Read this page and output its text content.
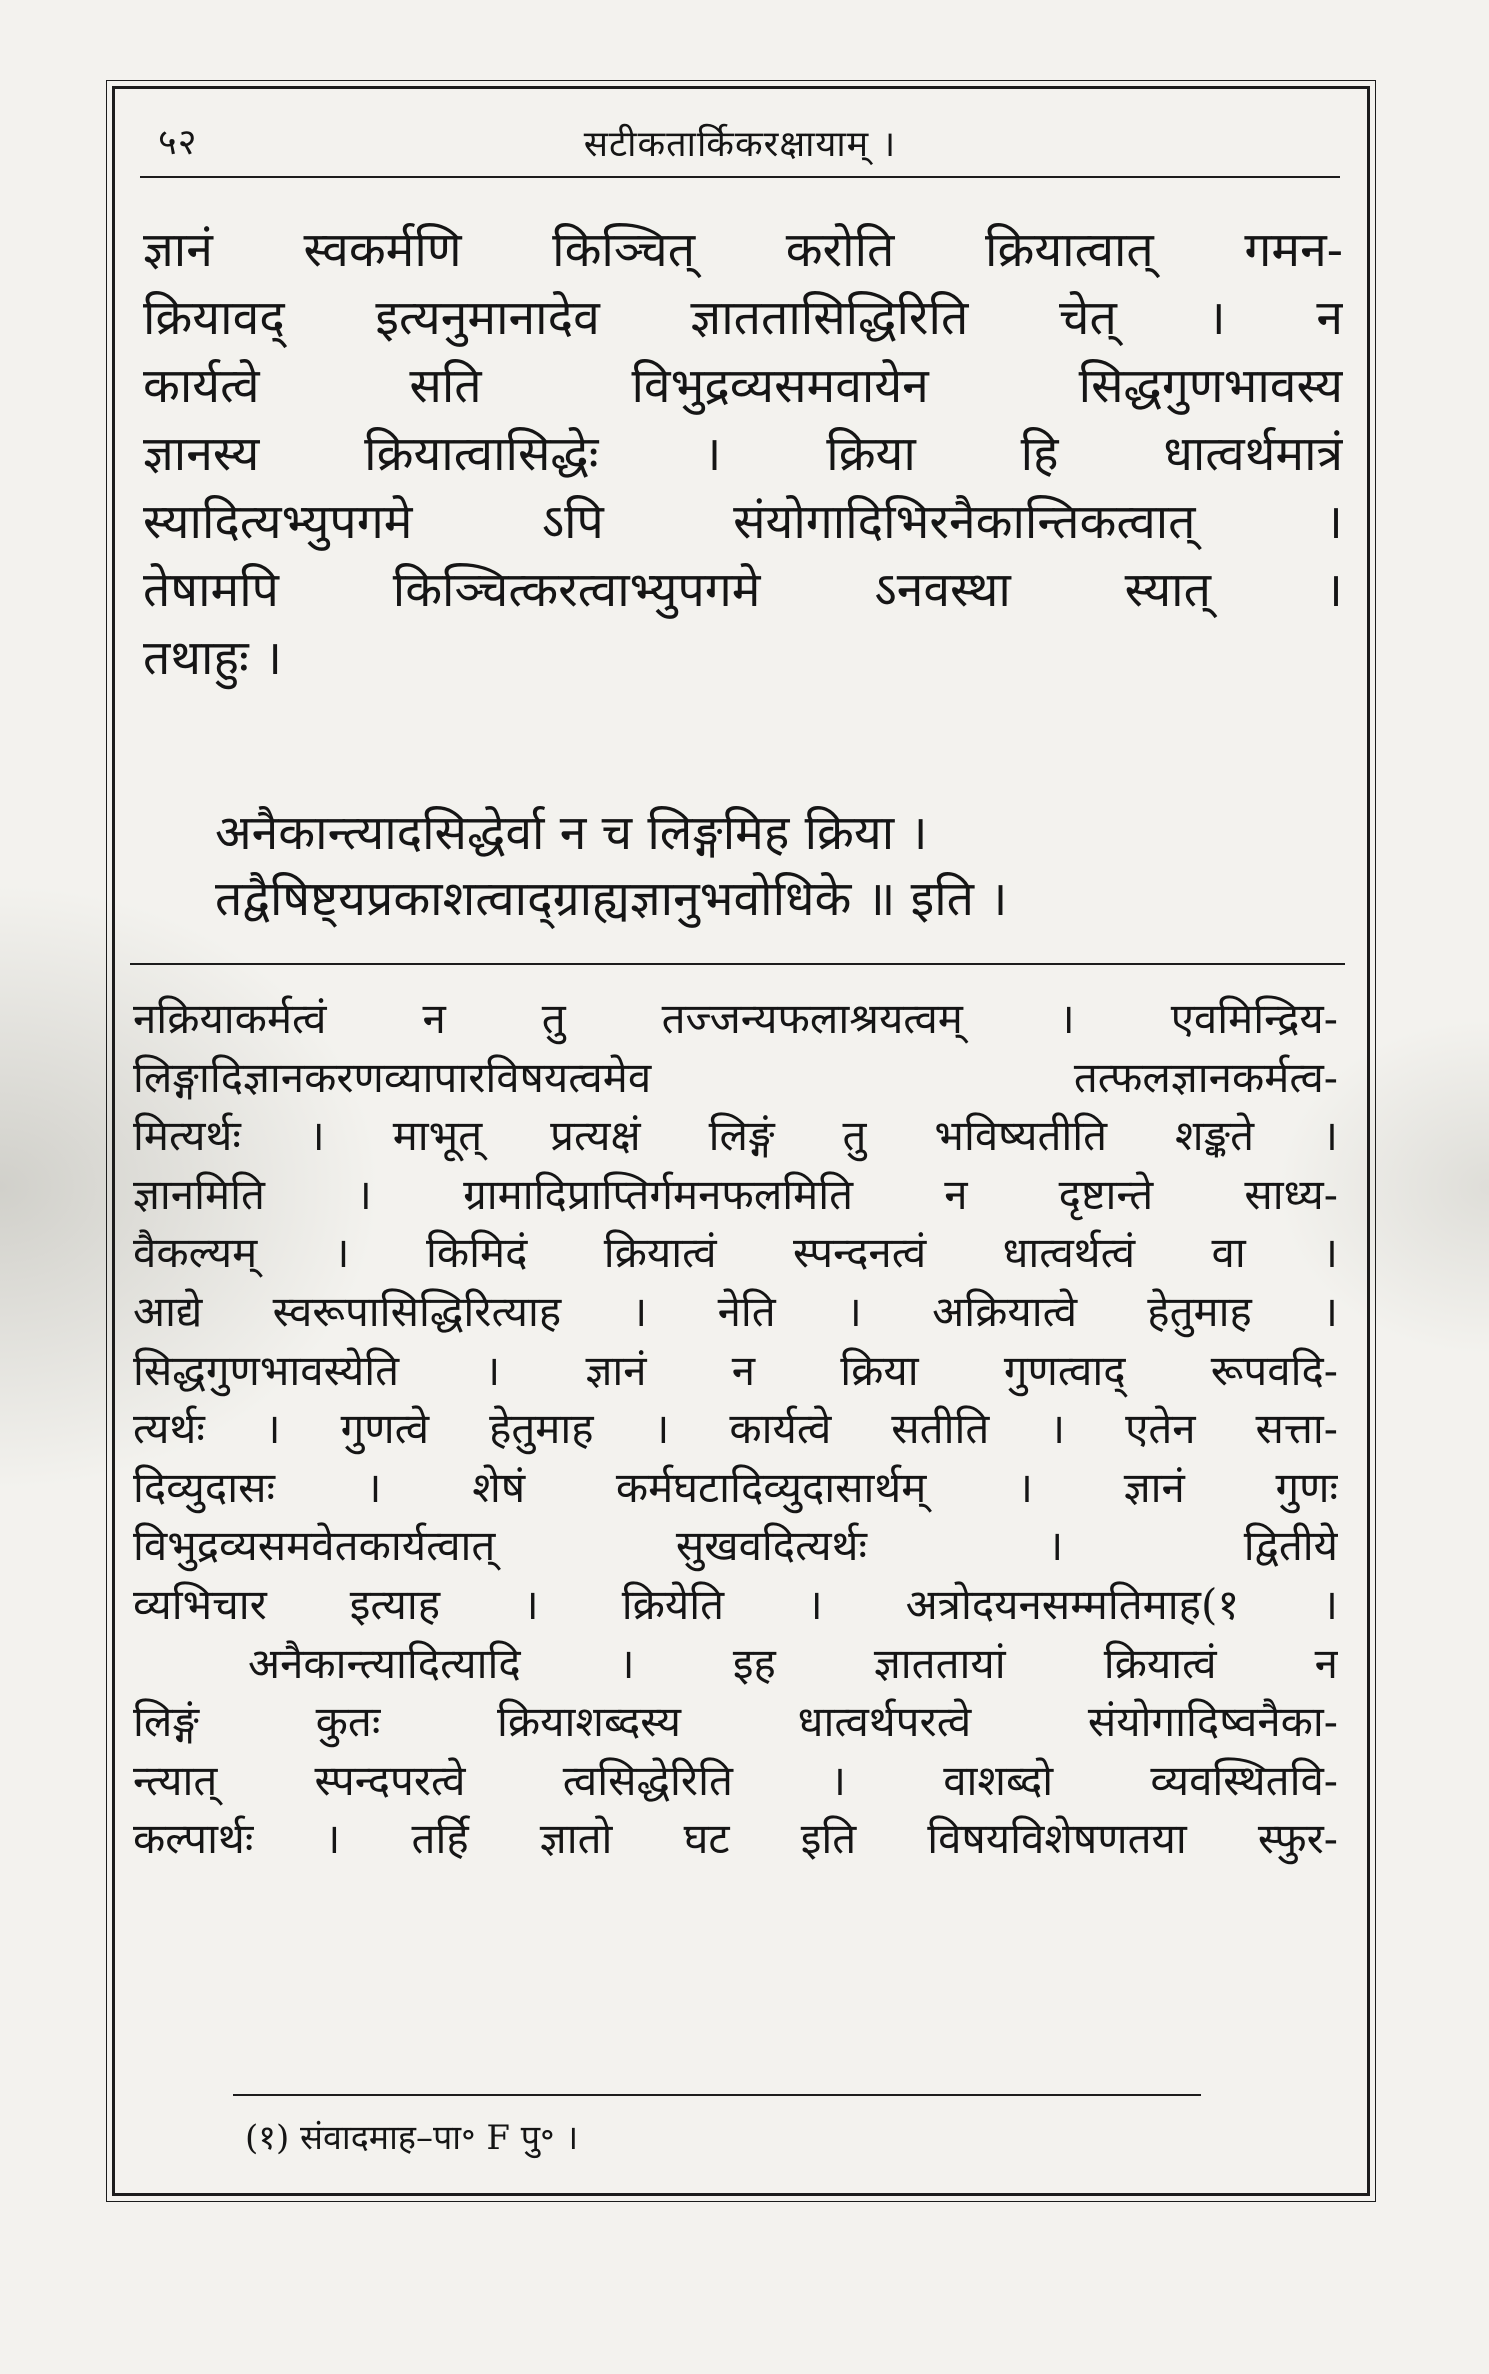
५२	सटीकतार्किकरक्षायाम् ।
ज्ञानं स्वकर्मणि किञ्चित् करोति क्रियात्वात् गमन-
क्रियावद् इत्यनुमानादेव ज्ञाततासिद्धिरिति चेत् । न
कार्यत्वे सति विभुद्रव्यसमवायेन सिद्धगुणभावस्य
ज्ञानस्य क्रियात्वासिद्धेः । क्रिया हि धात्वर्थमात्रं
स्यादित्यभ्युपगमे ऽपि संयोगादिभिरनैकान्तिकत्वात् ।
तेषामपि किञ्चित्करत्वाभ्युपगमे ऽनवस्था स्यात् ।
तथाहुः ।
अनैकान्त्यादसिद्धेर्वा न च लिङ्गमिह क्रिया ।
तद्वैषिष्ट्यप्रकाशत्वाद्ग्राह्यज्ञानुभवोधिके ॥ इति ।
नक्रियाकर्मत्वं न तु तज्जन्यफलाश्रयत्वम् । एवमिन्द्रिय-
लिङ्गादिज्ञानकरणव्यापारविषयत्वमेव तत्फलज्ञानकर्मत्व-
मित्यर्थः । माभूत् प्रत्यक्षं लिङ्गं तु भविष्यतीति शङ्कते ।
ज्ञानमिति । ग्रामादिप्राप्तिर्गमनफलमिति न दृष्टान्ते साध्य-
वैकल्यम् । किमिदं क्रियात्वं स्पन्दनत्वं धात्वर्थत्वं वा ।
आद्ये स्वरूपासिद्धिरित्याह । नेति । अक्रियात्वे हेतुमाह ।
सिद्धगुणभावस्येति । ज्ञानं न क्रिया गुणत्वाद् रूपवदि-
त्यर्थः । गुणत्वे हेतुमाह । कार्यत्वे सतीति । एतेन सत्ता-
दिव्युदासः । शेषं कर्मघटादिव्युदासार्थम् । ज्ञानं गुणः
विभुद्रव्यसमवेतकार्यत्वात् सुखवदित्यर्थः । द्वितीये
व्यभिचार इत्याह । क्रियेति । अत्रोदयनसम्मतिमाह(१ ।
अनैकान्त्यादित्यादि । इह ज्ञाततायां क्रियात्वं न
लिङ्गं कुतः क्रियाशब्दस्य धात्वर्थपरत्वे संयोगादिष्वनैका-
न्त्यात् स्पन्दपरत्वे त्वसिद्धेरिति । वाशब्दो व्यवस्थितवि-
कल्पार्थः । तर्हि ज्ञातो घट इति विषयविशेषणतया स्फुर-
(१) संवादमाह–पा॰ F पु॰ ।
